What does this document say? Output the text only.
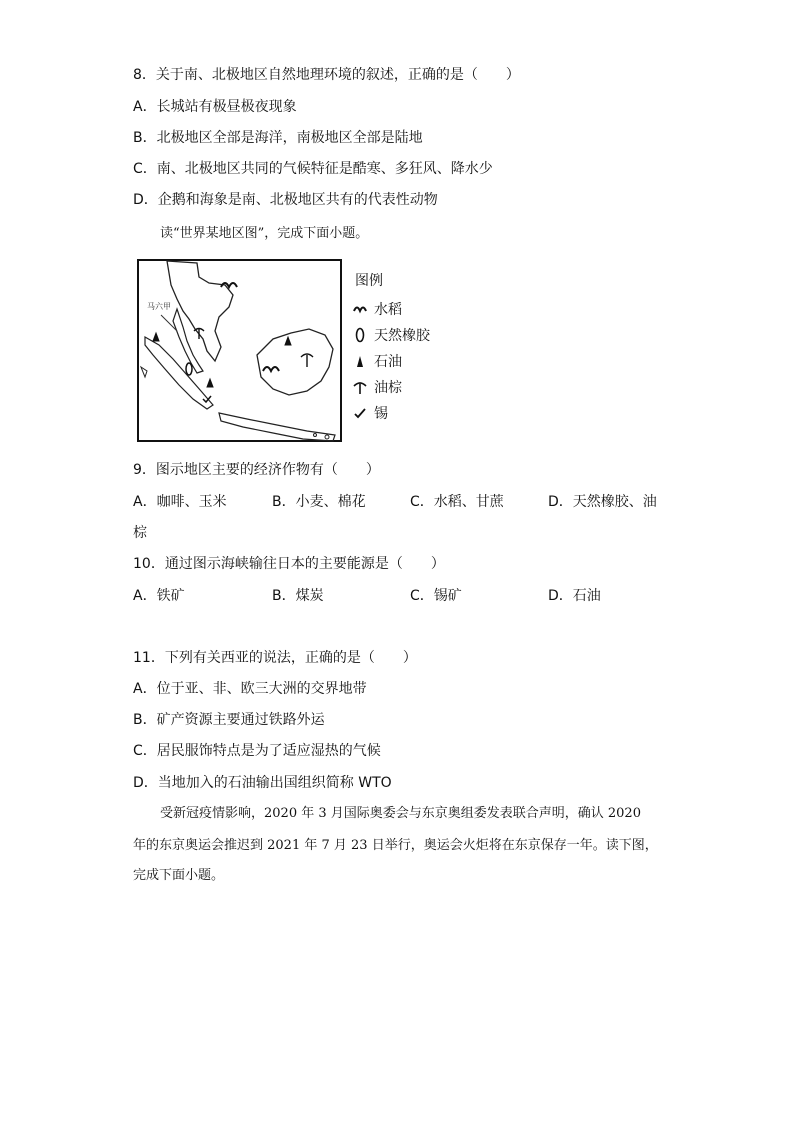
8．关于南、北极地区自然地理环境的叙述，正确的是（　　）
A．长城站有极昼极夜现象
B．北极地区全部是海洋，南极地区全部是陆地
C．南、北极地区共同的气候特征是酷寒、多狂风、降水少
D．企鹅和海象是南、北极地区共有的代表性动物
读“世界某地区图”，完成下面小题。
马六甲
图例
水稻
天然橡胶
石油
油棕
锡
9．图示地区主要的经济作物有（　　）
A．咖啡、玉米	B．小麦、棉花	C．水稻、甘蔗	D．天然橡胶、油
棕
10．通过图示海峡输往日本的主要能源是（　　）
A．铁矿	B．煤炭	C．锡矿	D．石油
11．下列有关西亚的说法，正确的是（　　）
A．位于亚、非、欧三大洲的交界地带
B．矿产资源主要通过铁路外运
C．居民服饰特点是为了适应湿热的气候
D．当地加入的石油输出国组织简称 WTO
受新冠疫情影响，2020 年 3 月国际奥委会与东京奥组委发表联合声明，确认 2020
年的东京奥运会推迟到 2021 年 7 月 23 日举行，奥运会火炬将在东京保存一年。读下图，
完成下面小题。
